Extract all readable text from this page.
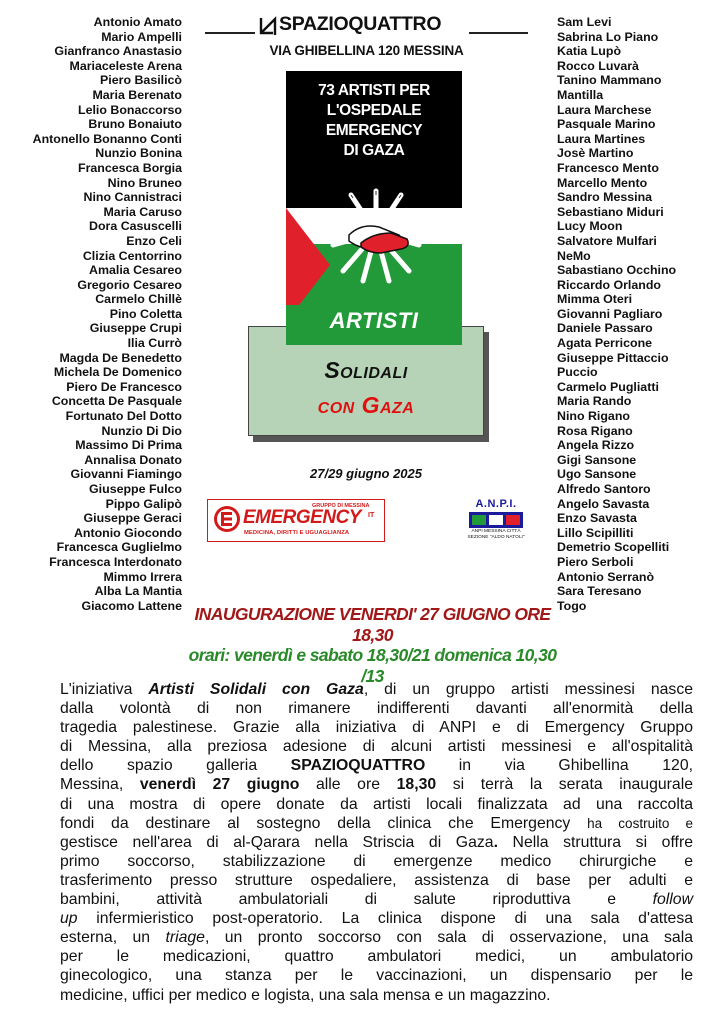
Antonio Amato
Mario Ampelli
Gianfranco Anastasio
Mariaceleste Arena
Piero Basilicò
Maria Berenato
Lelio Bonaccorso
Bruno Bonaiuto
Antonello Bonanno Conti
Nunzio Bonina
Francesca Borgia
Nino Bruneo
Nino Cannistraci
Maria Caruso
Dora Casuscelli
Enzo Celi
Clizia Centorrino
Amalia Cesareo
Gregorio Cesareo
Carmelo Chillè
Pino Coletta
Giuseppe Crupi
Ilia Currò
Magda De Benedetto
Michela De Domenico
Piero De Francesco
Concetta De Pasquale
Fortunato Del Dotto
Nunzio Di Dio
Massimo Di Prima
Annalisa Donato
Giovanni Fiamingo
Giuseppe Fulco
Pippo Galipò
Giuseppe Geraci
Antonio Giocondo
Francesca Guglielmo
Francesca Interdonato
Mimmo Irrera
Alba La Mantia
Giacomo Lattene
Sam Levi
Sabrina Lo Piano
Katia Lupò
Rocco Luvarà
Tanino Mammano
Mantilla
Laura Marchese
Pasquale Marino
Laura Martines
Josè Martino
Francesco Mento
Marcello Mento
Sandro Messina
Sebastiano Miduri
Lucy Moon
Salvatore Mulfari
NeMo
Sabastiano Occhino
Riccardo Orlando
Mimma Oteri
Giovanni Pagliaro
Daniele Passaro
Agata Perricone
Giuseppe Pittaccio
Puccio
Carmelo Pugliatti
Maria Rando
Nino Rigano
Rosa Rigano
Angela Rizzo
Gigi Sansone
Ugo Sansone
Alfredo Santoro
Angelo Savasta
Enzo Savasta
Lillo Scipilliti
Demetrio Scopelliti
Piero Serboli
Antonio Serranò
Sara Teresano
Togo
SPAZIOQUATTRO
VIA GHIBELLINA 120 MESSINA
73 ARTISTI PER
L'OSPEDALE
EMERGENCY
DI GAZA
ARTISTI
Solidali
con Gaza
27/29 giugno 2025
GRUPPO DI MESSINA
EMERGENCY IT
MEDICINA, DIRITTI E UGUAGLIANZA
A.N.P.I.
ANPI MESSINA CITTÀ
SEZIONE "ALDO NATOLI"
INAUGURAZIONE VENERDI' 27 GIUGNO ORE 18,30
orari: venerdì e sabato 18,30/21 domenica 10,30 /13
L'iniziativa Artisti Solidali con Gaza, di un gruppo artisti messinesi nasce
dalla volontà di non rimanere indifferenti davanti all'enormità della
tragedia palestinese. Grazie alla iniziativa di ANPI e di Emergency Gruppo
di Messina, alla preziosa adesione di alcuni artisti messinesi e all'ospitalità
dello spazio galleria SPAZIOQUATTRO in via Ghibellina 120,
Messina, venerdì 27 giugno alle ore 18,30 si terrà la serata inaugurale
di una mostra di opere donate da artisti locali finalizzata ad una raccolta
fondi da destinare al sostegno della clinica che Emergency ha costruito e
gestisce nell'area di al-Qarara nella Striscia di Gaza. Nella struttura si offre
primo soccorso, stabilizzazione di emergenze medico chirurgiche e
trasferimento presso strutture ospedaliere, assistenza di base per adulti e
bambini, attività ambulatoriali di salute riproduttiva e follow
up infermieristico post-operatorio. La clinica dispone di una sala d'attesa
esterna, un triage, un pronto soccorso con sala di osservazione, una sala
per le medicazioni, quattro ambulatori medici, un ambulatorio
ginecologico, una stanza per le vaccinazioni, un dispensario per le
medicine, uffici per medico e logista, una sala mensa e un magazzino.
